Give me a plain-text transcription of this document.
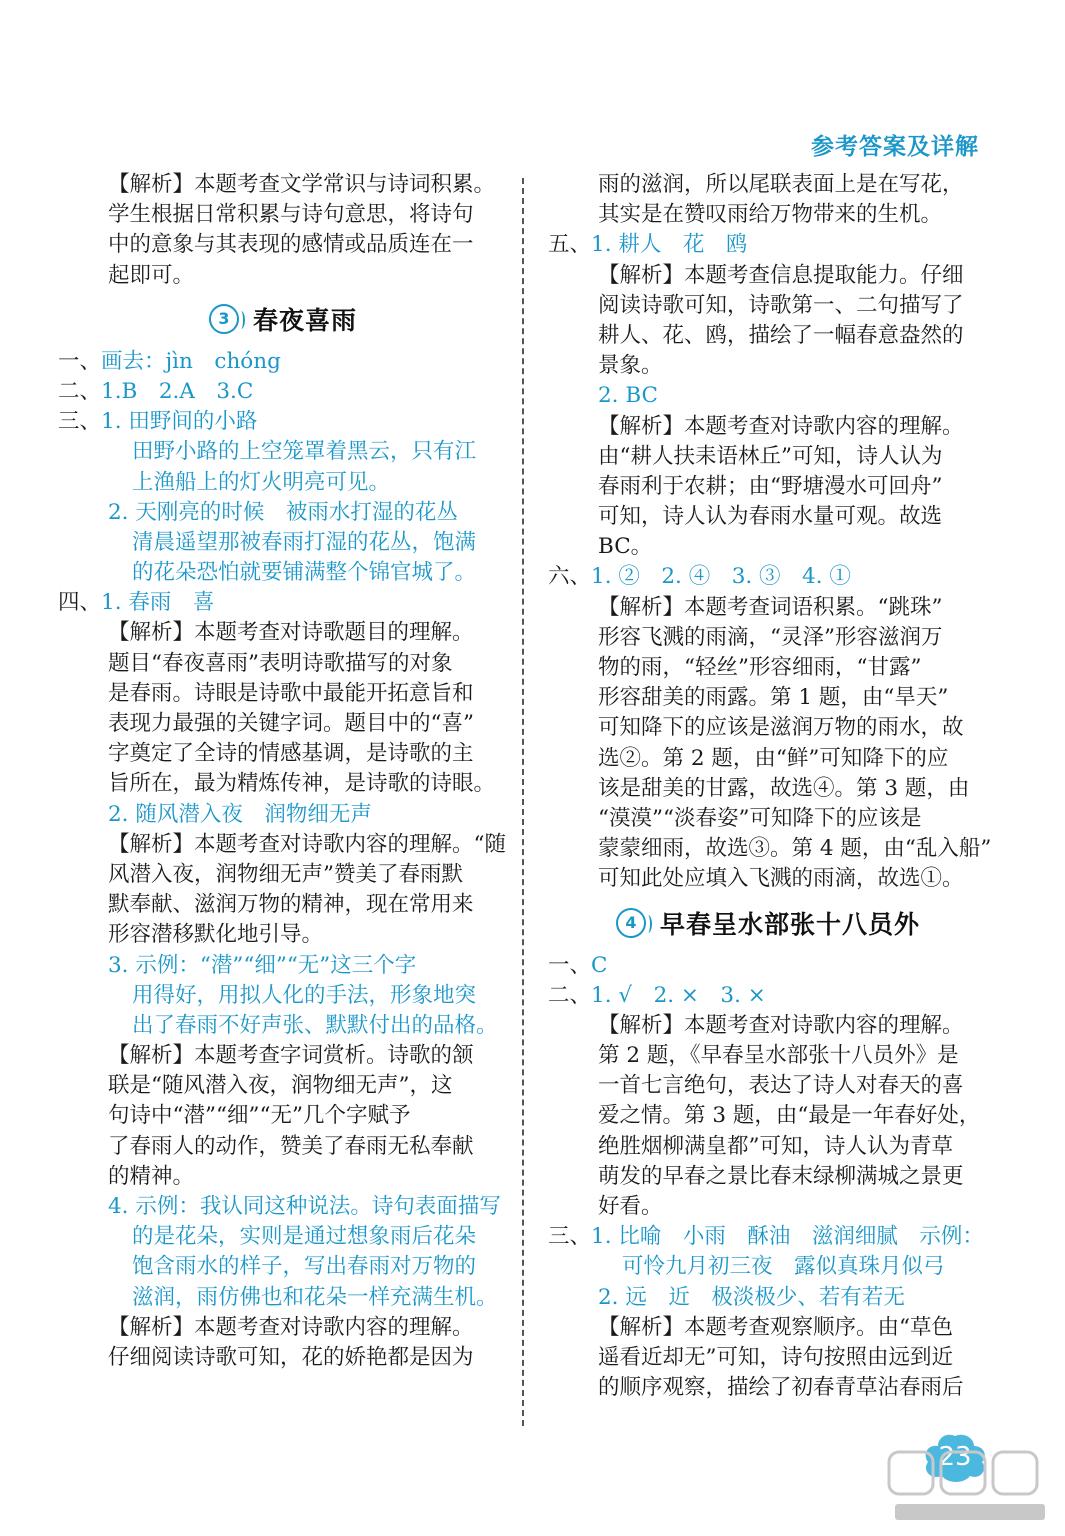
参考答案及详解
【解析】本题考查文学常识与诗词积累。
学生根据日常积累与诗句意思，将诗句
中的意象与其表现的感情或品质连在一
起即可。
3 春夜喜雨
一、画去：jìn　chóng
二、1.B　2.A　3.C
三、1. 田野间的小路
田野小路的上空笼罩着黑云，只有江
上渔船上的灯火明亮可见。
2. 天刚亮的时候　被雨水打湿的花丛
清晨遥望那被春雨打湿的花丛，饱满
的花朵恐怕就要铺满整个锦官城了。
四、1. 春雨　喜
【解析】本题考查对诗歌题目的理解。
题目“春夜喜雨”表明诗歌描写的对象
是春雨。诗眼是诗歌中最能开拓意旨和
表现力最强的关键字词。题目中的“喜”
字奠定了全诗的情感基调，是诗歌的主
旨所在，最为精炼传神，是诗歌的诗眼。
2. 随风潜入夜　润物细无声
【解析】本题考查对诗歌内容的理解。“随
风潜入夜，润物细无声”赞美了春雨默
默奉献、滋润万物的精神，现在常用来
形容潜移默化地引导。
3. 示例：“潜”“细”“无”这三个字
用得好，用拟人化的手法，形象地突
出了春雨不好声张、默默付出的品格。
【解析】本题考查字词赏析。诗歌的颔
联是“随风潜入夜，润物细无声”，这
句诗中“潜”“细”“无”几个字赋予
了春雨人的动作，赞美了春雨无私奉献
的精神。
4. 示例：我认同这种说法。诗句表面描写
的是花朵，实则是通过想象雨后花朵
饱含雨水的样子，写出春雨对万物的
滋润，雨仿佛也和花朵一样充满生机。
【解析】本题考查对诗歌内容的理解。
仔细阅读诗歌可知，花的娇艳都是因为
雨的滋润，所以尾联表面上是在写花，
其实是在赞叹雨给万物带来的生机。
五、1. 耕人　花　鸥
【解析】本题考查信息提取能力。仔细
阅读诗歌可知，诗歌第一、二句描写了
耕人、花、鸥，描绘了一幅春意盎然的
景象。
2. BC
【解析】本题考查对诗歌内容的理解。
由“耕人扶耒语林丘”可知，诗人认为
春雨利于农耕；由“野塘漫水可回舟”
可知，诗人认为春雨水量可观。故选
BC。
六、1. ②　2. ④　3. ③　4. ①
【解析】本题考查词语积累。“跳珠”
形容飞溅的雨滴，“灵泽”形容滋润万
物的雨，“轻丝”形容细雨，“甘露”
形容甜美的雨露。第 1 题，由“旱天”
可知降下的应该是滋润万物的雨水，故
选②。第 2 题，由“鲜”可知降下的应
该是甜美的甘露，故选④。第 3 题，由
“漠漠”“淡春姿”可知降下的应该是
蒙蒙细雨，故选③。第 4 题，由“乱入船”
可知此处应填入飞溅的雨滴，故选①。
4 早春呈水部张十八员外
一、C
二、1. √　2. ×　3. ×
【解析】本题考查对诗歌内容的理解。
第 2 题，《早春呈水部张十八员外》是
一首七言绝句，表达了诗人对春天的喜
爱之情。第 3 题，由“最是一年春好处，
绝胜烟柳满皇都”可知，诗人认为青草
萌发的早春之景比春末绿柳满城之景更
好看。
三、1. 比喻　小雨　酥油　滋润细腻　示例：
可怜九月初三夜　露似真珠月似弓
2. 远　近　极淡极少、若有若无
【解析】本题考查观察顺序。由“草色
遥看近却无”可知，诗句按照由远到近
的顺序观察，描绘了初春青草沾春雨后
23
